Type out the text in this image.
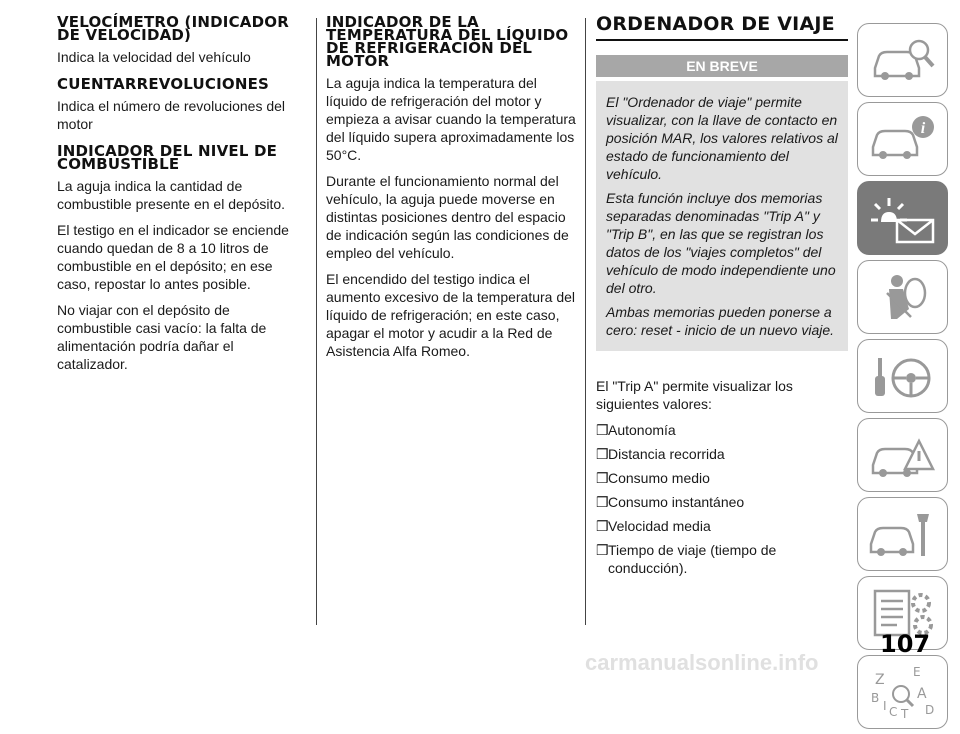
VELOCÍMETRO (INDICADOR DE VELOCIDAD)

Indica la velocidad del vehículo

CUENTARREVOLUCIONES

Indica el número de revoluciones del motor

INDICADOR DEL NIVEL DE COMBUSTIBLE

La aguja indica la cantidad de combustible presente en el depósito.

El testigo en el indicador se enciende cuando quedan de 8 a 10 litros de combustible en el depósito; en ese caso, repostar lo antes posible.

No viajar con el depósito de combustible casi vacío: la falta de alimentación podría dañar el catalizador.

INDICADOR DE LA TEMPERATURA DEL LÍQUIDO DE REFRIGERACIÓN DEL MOTOR

La aguja indica la temperatura del líquido de refrigeración del motor y empieza a avisar cuando la temperatura del líquido supera aproximadamente los 50°C.

Durante el funcionamiento normal del vehículo, la aguja puede moverse en distintas posiciones dentro del espacio de indicación según las condiciones de empleo del vehículo.

El encendido del testigo indica el aumento excesivo de la temperatura del líquido de refrigeración; en este caso, apagar el motor y acudir a la Red de Asistencia Alfa Romeo.

ORDENADOR DE VIAJE
EN BREVE

El "Ordenador de viaje" permite visualizar, con la llave de contacto en posición MAR, los valores relativos al estado de funcionamiento del vehículo.

Esta función incluye dos memorias separadas denominadas "Trip A" y "Trip B", en las que se registran los datos de los "viajes completos" del vehículo de modo independiente uno del otro.

Ambas memorias pueden ponerse a cero: reset - inicio de un nuevo viaje.

El "Trip A" permite visualizar los siguientes valores:

❒Autonomía
❒Distancia recorrida
❒Consumo medio
❒Consumo instantáneo
❒Velocidad media
❒Tiempo de viaje (tiempo de conducción).
i
Z E
B	A
C T D
I
107
carmanualsonline.info
